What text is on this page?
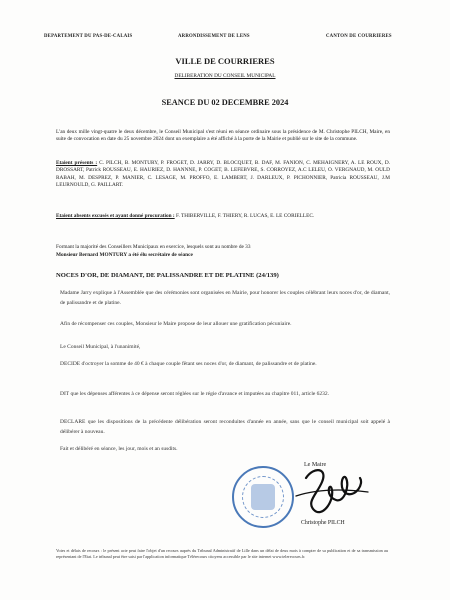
DEPARTEMENT DU PAS-DE-CALAIS	ARRONDISSEMENT DE LENS	CANTON DE COURRIERES
VILLE DE COURRIERES
DELIBERATION DU CONSEIL MUNICIPAL
SEANCE DU 02 DECEMBRE 2024

L'an deux mille vingt-quatre le deux décembre, le Conseil Municipal s'est réuni en séance ordinaire sous la présidence de M. Christophe PILCH, Maire, en suite de convocation en date du 25 novembre 2024 dont un exemplaire a été affiché à la porte de la Mairie et publié sur le site de la commune.

Etaient présents : C. PILCH, B. MONTURY, P. FROGET, D. JARRY, D. BLOCQUET, B. DAF, M. FANION, C. MEHAIGNERY, A. LE ROUX, D. DROSSART, Patrick ROUSSEAU, E. HAURIEZ, D. HANNNE, P. COGET, B. LEFEBVRE, S. CORROYEZ, A.C LELEU, O. VERGNAUD, M. OULD RABAH, M. DESPREZ, P. MANIER, C. LESAGE, M. PROFFO, E. LAMBERT, J. DARLEUX, P. PICHONNIER, Patricia ROUSSEAU, J.M LEURNOULD, G. PAILLART.

Etaient absents excusés et ayant donné procuration : F. THIBERVILLE, F. THIERY, R. LUCAS, E. LE CORIELLEC.

Formant la majorité des Conseillers Municipaux en exercice, lesquels sont au nombre de 33

Monsieur Bernard MONTURY a été élu secrétaire de séance

NOCES D'OR, DE DIAMANT, DE PALISSANDRE ET DE PLATINE (24/139)

Madame Jarry explique à l'Assemblée que des cérémonies sont organisées en Mairie, pour honorer les couples célébrant leurs noces d'or, de diamant, de palissandre et de platine.

Afin de récompenser ces couples, Monsieur le Maire propose de leur allouer une gratification pécuniaire.

Le Conseil Municipal, à l'unanimité,

DECIDE d'octroyer la somme de 40 € à chaque couple fêtant ses noces d'or, de diamant, de palissandre et de platine.

DIT que les dépenses afférentes à ce dépense seront réglées sur le régie d'avance et imputées au chapitre 011, article 6232.

DECLARE que les dispositions de la précédente délibération seront reconduites d'année en année, sans que le conseil municipal soit appelé à délibérer à nouveau.

Fait et délibéré en séance, les jour, mois et an susdits.

Le Maire
Christophe PILCH

Voies et délais de recours : le présent acte peut faire l'objet d'un recours auprès du Tribunal Administratif de Lille dans un délai de deux mois à compter de sa publication et de sa transmission au représentant de l'Etat. Le tribunal peut être saisi par l'application informatique Télérecours citoyens accessible par le site internet www.telerecours.fr.
